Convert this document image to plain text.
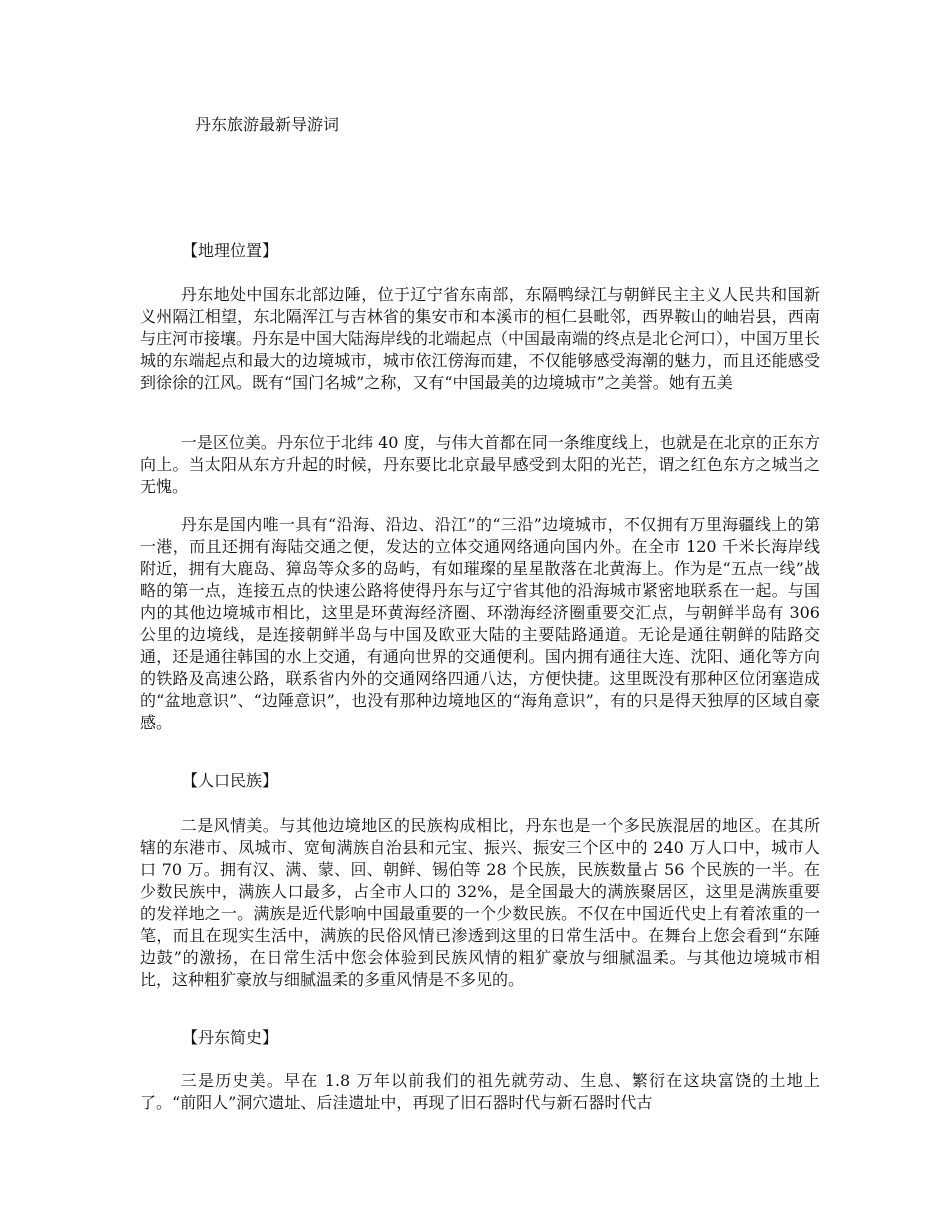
丹东旅游最新导游词
【地理位置】

丹东地处中国东北部边陲，位于辽宁省东南部，东隔鸭绿江与朝鲜民主主义人民共和国新义州隔江相望，东北隔浑江与吉林省的集安市和本溪市的桓仁县毗邻，西界鞍山的岫岩县，西南与庄河市接壤。丹东是中国大陆海岸线的北端起点（中国最南端的终点是北仑河口），中国万里长城的东端起点和最大的边境城市，城市依江傍海而建，不仅能够感受海潮的魅力，而且还能感受到徐徐的江风。既有“国门名城”之称，又有“中国最美的边境城市”之美誉。她有五美

一是区位美。丹东位于北纬 40 度，与伟大首都在同一条维度线上，也就是在北京的正东方向上。当太阳从东方升起的时候，丹东要比北京最早感受到太阳的光芒，谓之红色东方之城当之无愧。

丹东是国内唯一具有“沿海、沿边、沿江”的“三沿”边境城市，不仅拥有万里海疆线上的第一港，而且还拥有海陆交通之便，发达的立体交通网络通向国内外。在全市 120 千米长海岸线附近，拥有大鹿岛、獐岛等众多的岛屿，有如璀璨的星星散落在北黄海上。作为是“五点一线”战略的第一点，连接五点的快速公路将使得丹东与辽宁省其他的沿海城市紧密地联系在一起。与国内的其他边境城市相比，这里是环黄海经济圈、环渤海经济圈重要交汇点，与朝鲜半岛有 306 公里的边境线，是连接朝鲜半岛与中国及欧亚大陆的主要陆路通道。无论是通往朝鲜的陆路交通，还是通往韩国的水上交通，有通向世界的交通便利。国内拥有通往大连、沈阳、通化等方向的铁路及高速公路，联系省内外的交通网络四通八达，方便快捷。这里既没有那种区位闭塞造成的“盆地意识”、“边陲意识”，也没有那种边境地区的“海角意识”，有的只是得天独厚的区域自豪感。

【人口民族】

二是风情美。与其他边境地区的民族构成相比，丹东也是一个多民族混居的地区。在其所辖的东港市、凤城市、宽甸满族自治县和元宝、振兴、振安三个区中的 240 万人口中，城市人口 70 万。拥有汉、满、蒙、回、朝鲜、锡伯等 28 个民族，民族数量占 56 个民族的一半。在少数民族中，满族人口最多，占全市人口的 32%，是全国最大的满族聚居区，这里是满族重要的发祥地之一。满族是近代影响中国最重要的一个少数民族。不仅在中国近代史上有着浓重的一笔，而且在现实生活中，满族的民俗风情已渗透到这里的日常生活中。在舞台上您会看到“东陲边鼓”的激扬，在日常生活中您会体验到民族风情的粗犷豪放与细腻温柔。与其他边境城市相比，这种粗犷豪放与细腻温柔的多重风情是不多见的。

【丹东简史】

三是历史美。早在 1.8 万年以前我们的祖先就劳动、生息、繁衍在这块富饶的土地上了。“前阳人”洞穴遗址、后洼遗址中，再现了旧石器时代与新石器时代古
